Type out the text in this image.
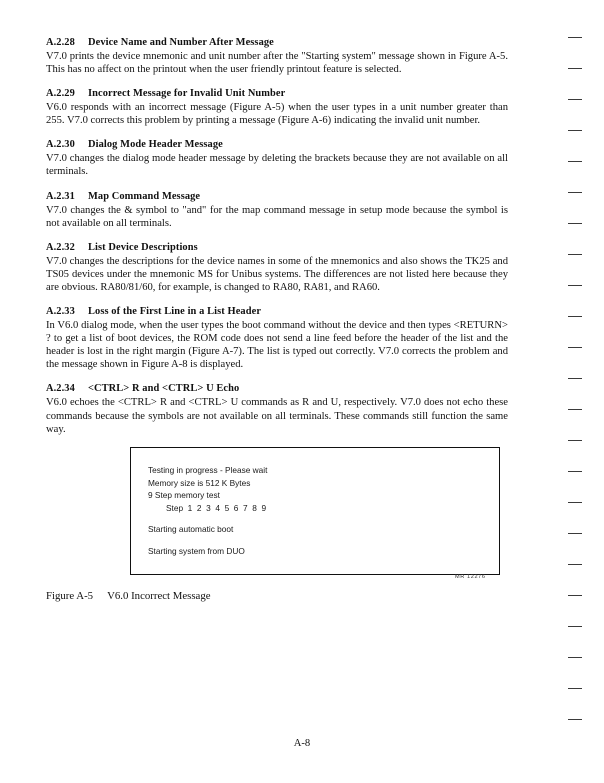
A.2.28 Device Name and Number After Message
V7.0 prints the device mnemonic and unit number after the "Starting system" message shown in Figure A-5. This has no affect on the printout when the user friendly printout feature is selected.
A.2.29 Incorrect Message for Invalid Unit Number
V6.0 responds with an incorrect message (Figure A-5) when the user types in a unit number greater than 255. V7.0 corrects this problem by printing a message (Figure A-6) indicating the invalid unit number.
A.2.30 Dialog Mode Header Message
V7.0 changes the dialog mode header message by deleting the brackets because they are not available on all terminals.
A.2.31 Map Command Message
V7.0 changes the & symbol to "and" for the map command message in setup mode because the symbol is not available on all terminals.
A.2.32 List Device Descriptions
V7.0 changes the descriptions for the device names in some of the mnemonics and also shows the TK25 and TS05 devices under the mnemonic MS for Unibus systems. The differences are not listed here because they are obvious. RA80/81/60, for example, is changed to RA80, RA81, and RA60.
A.2.33 Loss of the First Line in a List Header
In V6.0 dialog mode, when the user types the boot command without the device and then types <RETURN> ? to get a list of boot devices, the ROM code does not send a line feed before the header of the list and the header is lost in the right margin (Figure A-7). The list is typed out correctly. V7.0 corrects the problem and the message shown in Figure A-8 is displayed.
A.2.34 <CTRL> R and <CTRL> U Echo
V6.0 echoes the <CTRL> R and <CTRL> U commands as R and U, respectively. V7.0 does not echo these commands because the symbols are not available on all terminals. These commands still function the same way.
Testing in progress - Please wait
Memory size is 512 K Bytes
9 Step memory test
Step  1  2  3  4  5  6  7  8  9
Starting automatic boot
Starting system from DUO
MR 12276
Figure A-5 V6.0 Incorrect Message
A-8
